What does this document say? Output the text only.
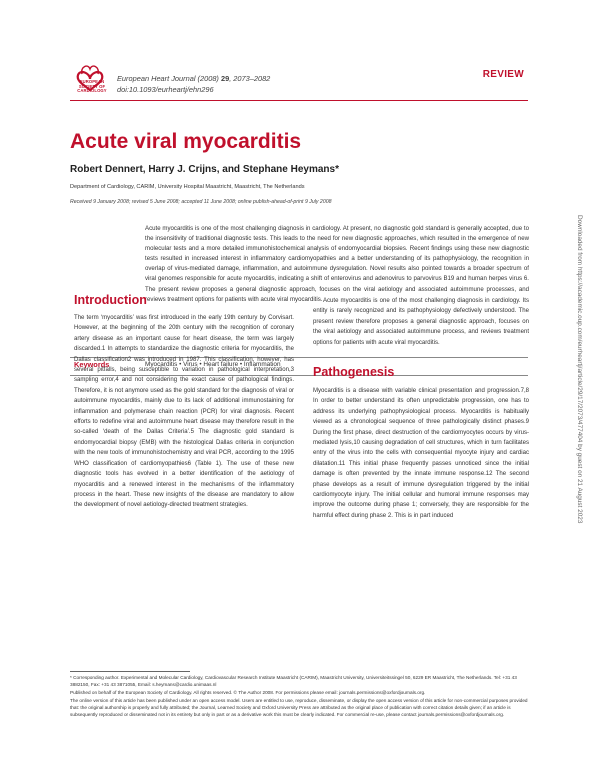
EUROPEAN SOCIETY OF CARDIOLOGY
European Heart Journal (2008) 29, 2073–2082
doi:10.1093/eurheartj/ehn296
REVIEW
Acute viral myocarditis
Robert Dennert, Harry J. Crijns, and Stephane Heymans*
Department of Cardiology, CARIM, University Hospital Maastricht, Maastricht, The Netherlands
Received 9 January 2008; revised 5 June 2008; accepted 11 June 2008; online publish-ahead-of-print 9 July 2008
Acute myocarditis is one of the most challenging diagnosis in cardiology. At present, no diagnostic gold standard is generally accepted, due to the insensitivity of traditional diagnostic tests. This leads to the need for new diagnostic approaches, which resulted in the emergence of new molecular tests and a more detailed immunohistochemical analysis of endomyocardial biopsies. Recent findings using these new diagnostic tests resulted in increased interest in inflammatory cardiomyopathies and a better understanding of its pathophysiology, the recognition in overlap of virus-mediated damage, inflammation, and autoimmune dysregulation. Novel results also pointed towards a broader spectrum of viral genomes responsible for acute myocarditis, indicating a shift of enterovirus and adenovirus to parvovirus B19 and human herpes virus 6. The present review proposes a general diagnostic approach, focuses on the viral aetiology and associated autoimmune processes, and reviews treatment options for patients with acute viral myocarditis.
Keywords	Myocarditis • Virus • Heart failure • Inflammation	Downloaded from https://academic.oup.com/eurheartj/article/29/17/2073/477404 by guest on 21 August 2023
Introduction
The term ‘myocarditis’ was first introduced in the early 19th century by Corvisart. However, at the beginning of the 20th century with the recognition of coronary artery disease as an important cause for heart disease, the term was largely discarded.1 In attempts to standardize the diagnostic criteria for myocarditis, the Dallas classification2 was introduced in 1987. This classification, however, has several pitfalls, being susceptible to variation in pathological interpretation,3 sampling error,4 and not considering the exact cause of pathological findings. Therefore, it is not anymore used as the gold standard for the diagnosis of viral or autoimmune myocarditis, mainly due to its lack of additional immunostaining for inflammation and polymerase chain reaction (PCR) for viral diagnosis. Recent efforts to redefine viral and autoimmune heart disease may therefore result in the so-called ‘death of the Dallas Criteria’.5 The diagnostic gold standard is endomyocardial biopsy (EMB) with the histological Dallas criteria in conjunction with the new tools of immunohistochemistry and viral PCR, according to the 1995 WHO classification of cardiomyopathies6 (Table 1). The use of these new diagnostic tools has evolved in a better identification of the aetiology of myocarditis and a renewed interest in the mechanisms of the inflammatory process in the heart. These new insights of the disease are mandatory to allow the development of novel aetiology-directed treatment strategies.
Acute myocarditis is one of the most challenging diagnosis in cardiology. Its entity is rarely recognized and its pathophysiology defectively understood. The present review therefore proposes a general diagnostic approach, focuses on the viral aetiology and associated autoimmune process, and reviews treatment options for patients with acute viral myocarditis.
Pathogenesis
Myocarditis is a disease with variable clinical presentation and progression.7,8 In order to better understand its often unpredictable progression, one has to address its underlying pathophysiological process. Myocarditis is habitually viewed as a chronological sequence of three pathologically distinct phases.9 During the first phase, direct destruction of the cardiomyocytes occurs by virus-mediated lysis,10 causing degradation of cell structures, which in turn facilitates entry of the virus into the cells with consequential myocyte injury and cardiac dilatation.11 This initial phase frequently passes unnoticed since the initial damage is often prevented by the innate immune response.12 The second phase develops as a result of immune dysregulation triggered by the initial cardiomyocyte injury. The initial cellular and humoral immune responses may improve the outcome during phase 1; conversely, they are responsible for the harmful effect during phase 2. This is in part induced
* Corresponding author. Experimental and Molecular Cardiology, Cardiovascular Research Institute Maastricht (CARIM), Maastricht University, Universiteitssingel 50, 6229 ER Maastricht, The Netherlands. Tel: +31 43 3882150, Fax: +31 43 3871055, Email: s.heymans@cardio.unimaas.nl
Published on behalf of the European Society of Cardiology. All rights reserved. © The Author 2008. For permissions please email: journals.permissions@oxfordjournals.org.
The online version of this article has been published under an open access model. Users are entitled to use, reproduce, disseminate, or display the open access version of this article for non-commercial purposes provided that: the original authorship is properly and fully attributed; the Journal, Learned Society and Oxford University Press are attributed as the original place of publication with correct citation details given; if an article is subsequently reproduced or disseminated not in its entirety but only in part or as a derivative work this must be clearly indicated. For commercial re-use, please contact journals.permissions@oxfordjournals.org.
